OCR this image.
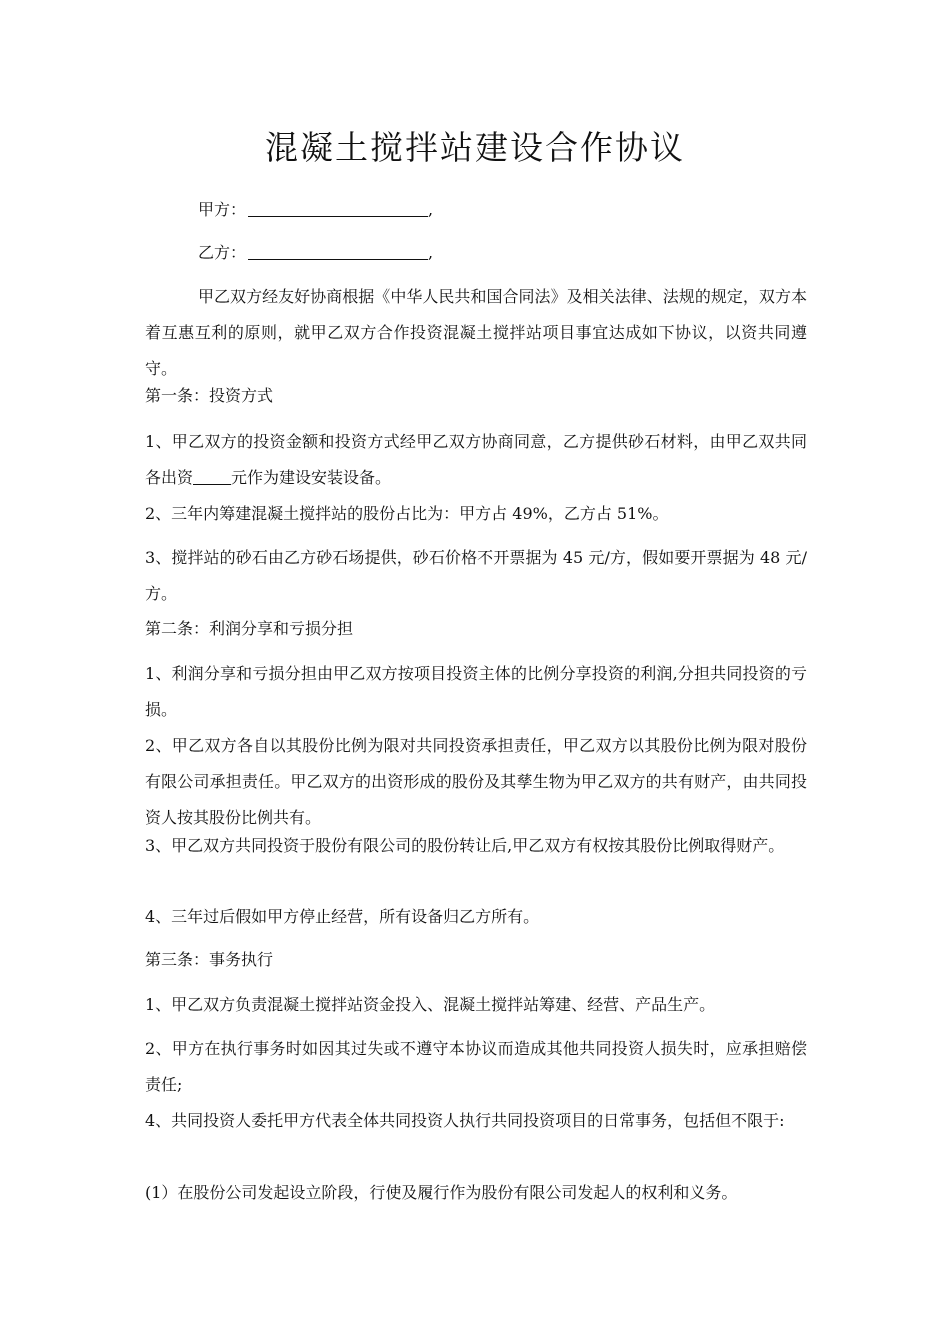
混凝土搅拌站建设合作协议

甲方：	,

乙方：	,

甲乙双方经友好协商根据《中华人民共和国合同法》及相关法律、法规的规定，双方本着互惠互利的原则，就甲乙双方合作投资混凝土搅拌站项目事宜达成如下协议，以资共同遵守。

第一条：投资方式

1、甲乙双方的投资金额和投资方式经甲乙双方协商同意，乙方提供砂石材料，由甲乙双共同各出资 元作为建设安装设备。

2、三年内筹建混凝土搅拌站的股份占比为：甲方占 49%，乙方占 51%。

3、搅拌站的砂石由乙方砂石场提供，砂石价格不开票据为 45 元/方，假如要开票据为 48 元/方。

第二条：利润分享和亏损分担

1、利润分享和亏损分担由甲乙双方按项目投资主体的比例分享投资的利润,分担共同投资的亏损。

2、甲乙双方各自以其股份比例为限对共同投资承担责任，甲乙双方以其股份比例为限对股份有限公司承担责任。甲乙双方的出资形成的股份及其孳生物为甲乙双方的共有财产，由共同投资人按其股份比例共有。

3、甲乙双方共同投资于股份有限公司的股份转让后,甲乙双方有权按其股份比例取得财产。

4、三年过后假如甲方停止经营，所有设备归乙方所有。

第三条：事务执行

1、甲乙双方负责混凝土搅拌站资金投入、混凝土搅拌站筹建、经营、产品生产。

2、甲方在执行事务时如因其过失或不遵守本协议而造成其他共同投资人损失时，应承担赔偿责任;

4、共同投资人委托甲方代表全体共同投资人执行共同投资项目的日常事务，包括但不限于:

(1）在股份公司发起设立阶段，行使及履行作为股份有限公司发起人的权利和义务。
